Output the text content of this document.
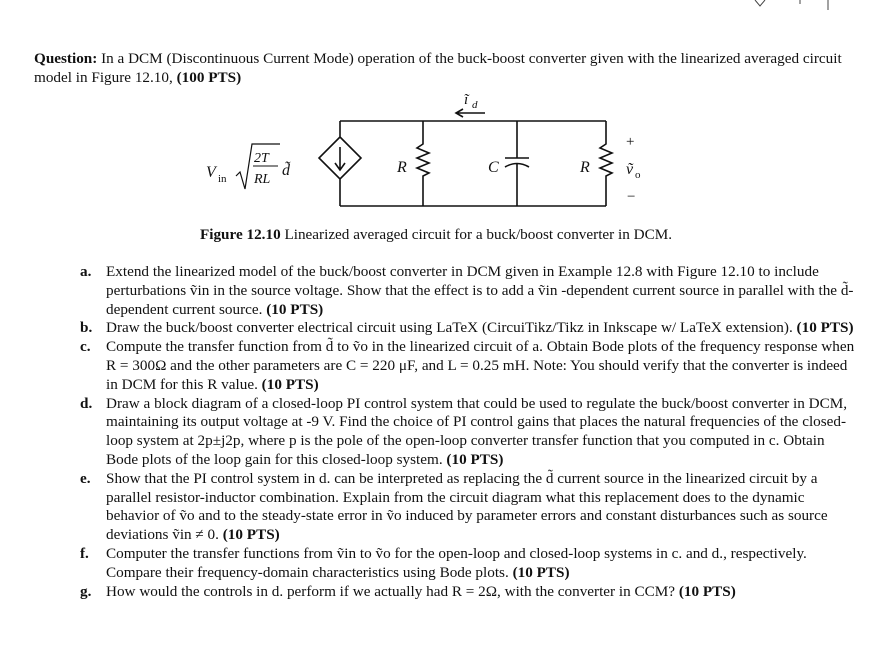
Question: In a DCM (Discontinuous Current Mode) operation of the buck-boost converter given with the linearized averaged circuit model in Figure 12.10, (100 PTS)
V in
2T
RL
d̃	R	C	R
+
ṽ o
−
ĩ d
Figure 12.10 Linearized averaged circuit for a buck/boost converter in DCM.
a. Extend the linearized model of the buck/boost converter in DCM given in Example 12.8 with Figure 12.10 to include perturbations ṽin in the source voltage. Show that the effect is to add a ṽin -dependent current source in parallel with the d̃-dependent current source. (10 PTS)
b. Draw the buck/boost converter electrical circuit using LaTeX (CircuiTikz/Tikz in Inkscape w/ LaTeX extension). (10 PTS)
c.	Compute the transfer function from d̃ to ṽo in the linearized circuit of a. Obtain Bode plots of the frequency response when R = 300Ω and the other parameters are C = 220 μF, and L = 0.25 mH. Note: You should verify that the converter is indeed in DCM for this R value. (10 PTS)
d. Draw a block diagram of a closed-loop PI control system that could be used to regulate the buck/boost converter in DCM, maintaining its output voltage at -9 V. Find the choice of PI control gains that places the natural frequencies of the closed-loop system at 2p±j2p, where p is the pole of the open-loop converter transfer function that you computed in c. Obtain Bode plots of the loop gain for this closed-loop system. (10 PTS)
e.	Show that the PI control system in d. can be interpreted as replacing the d̃ current source in the linearized circuit by a parallel resistor-inductor combination. Explain from the circuit diagram what this replacement does to the dynamic behavior of ṽo and to the steady-state error in ṽo induced by parameter errors and constant disturbances such as source deviations ṽin ≠ 0. (10 PTS)
f.	Computer the transfer functions from ṽin to ṽo for the open-loop and closed-loop systems in c. and d., respectively. Compare their frequency-domain characteristics using Bode plots. (10 PTS)
g. How would the controls in d. perform if we actually had R = 2Ω, with the converter in CCM? (10 PTS)
